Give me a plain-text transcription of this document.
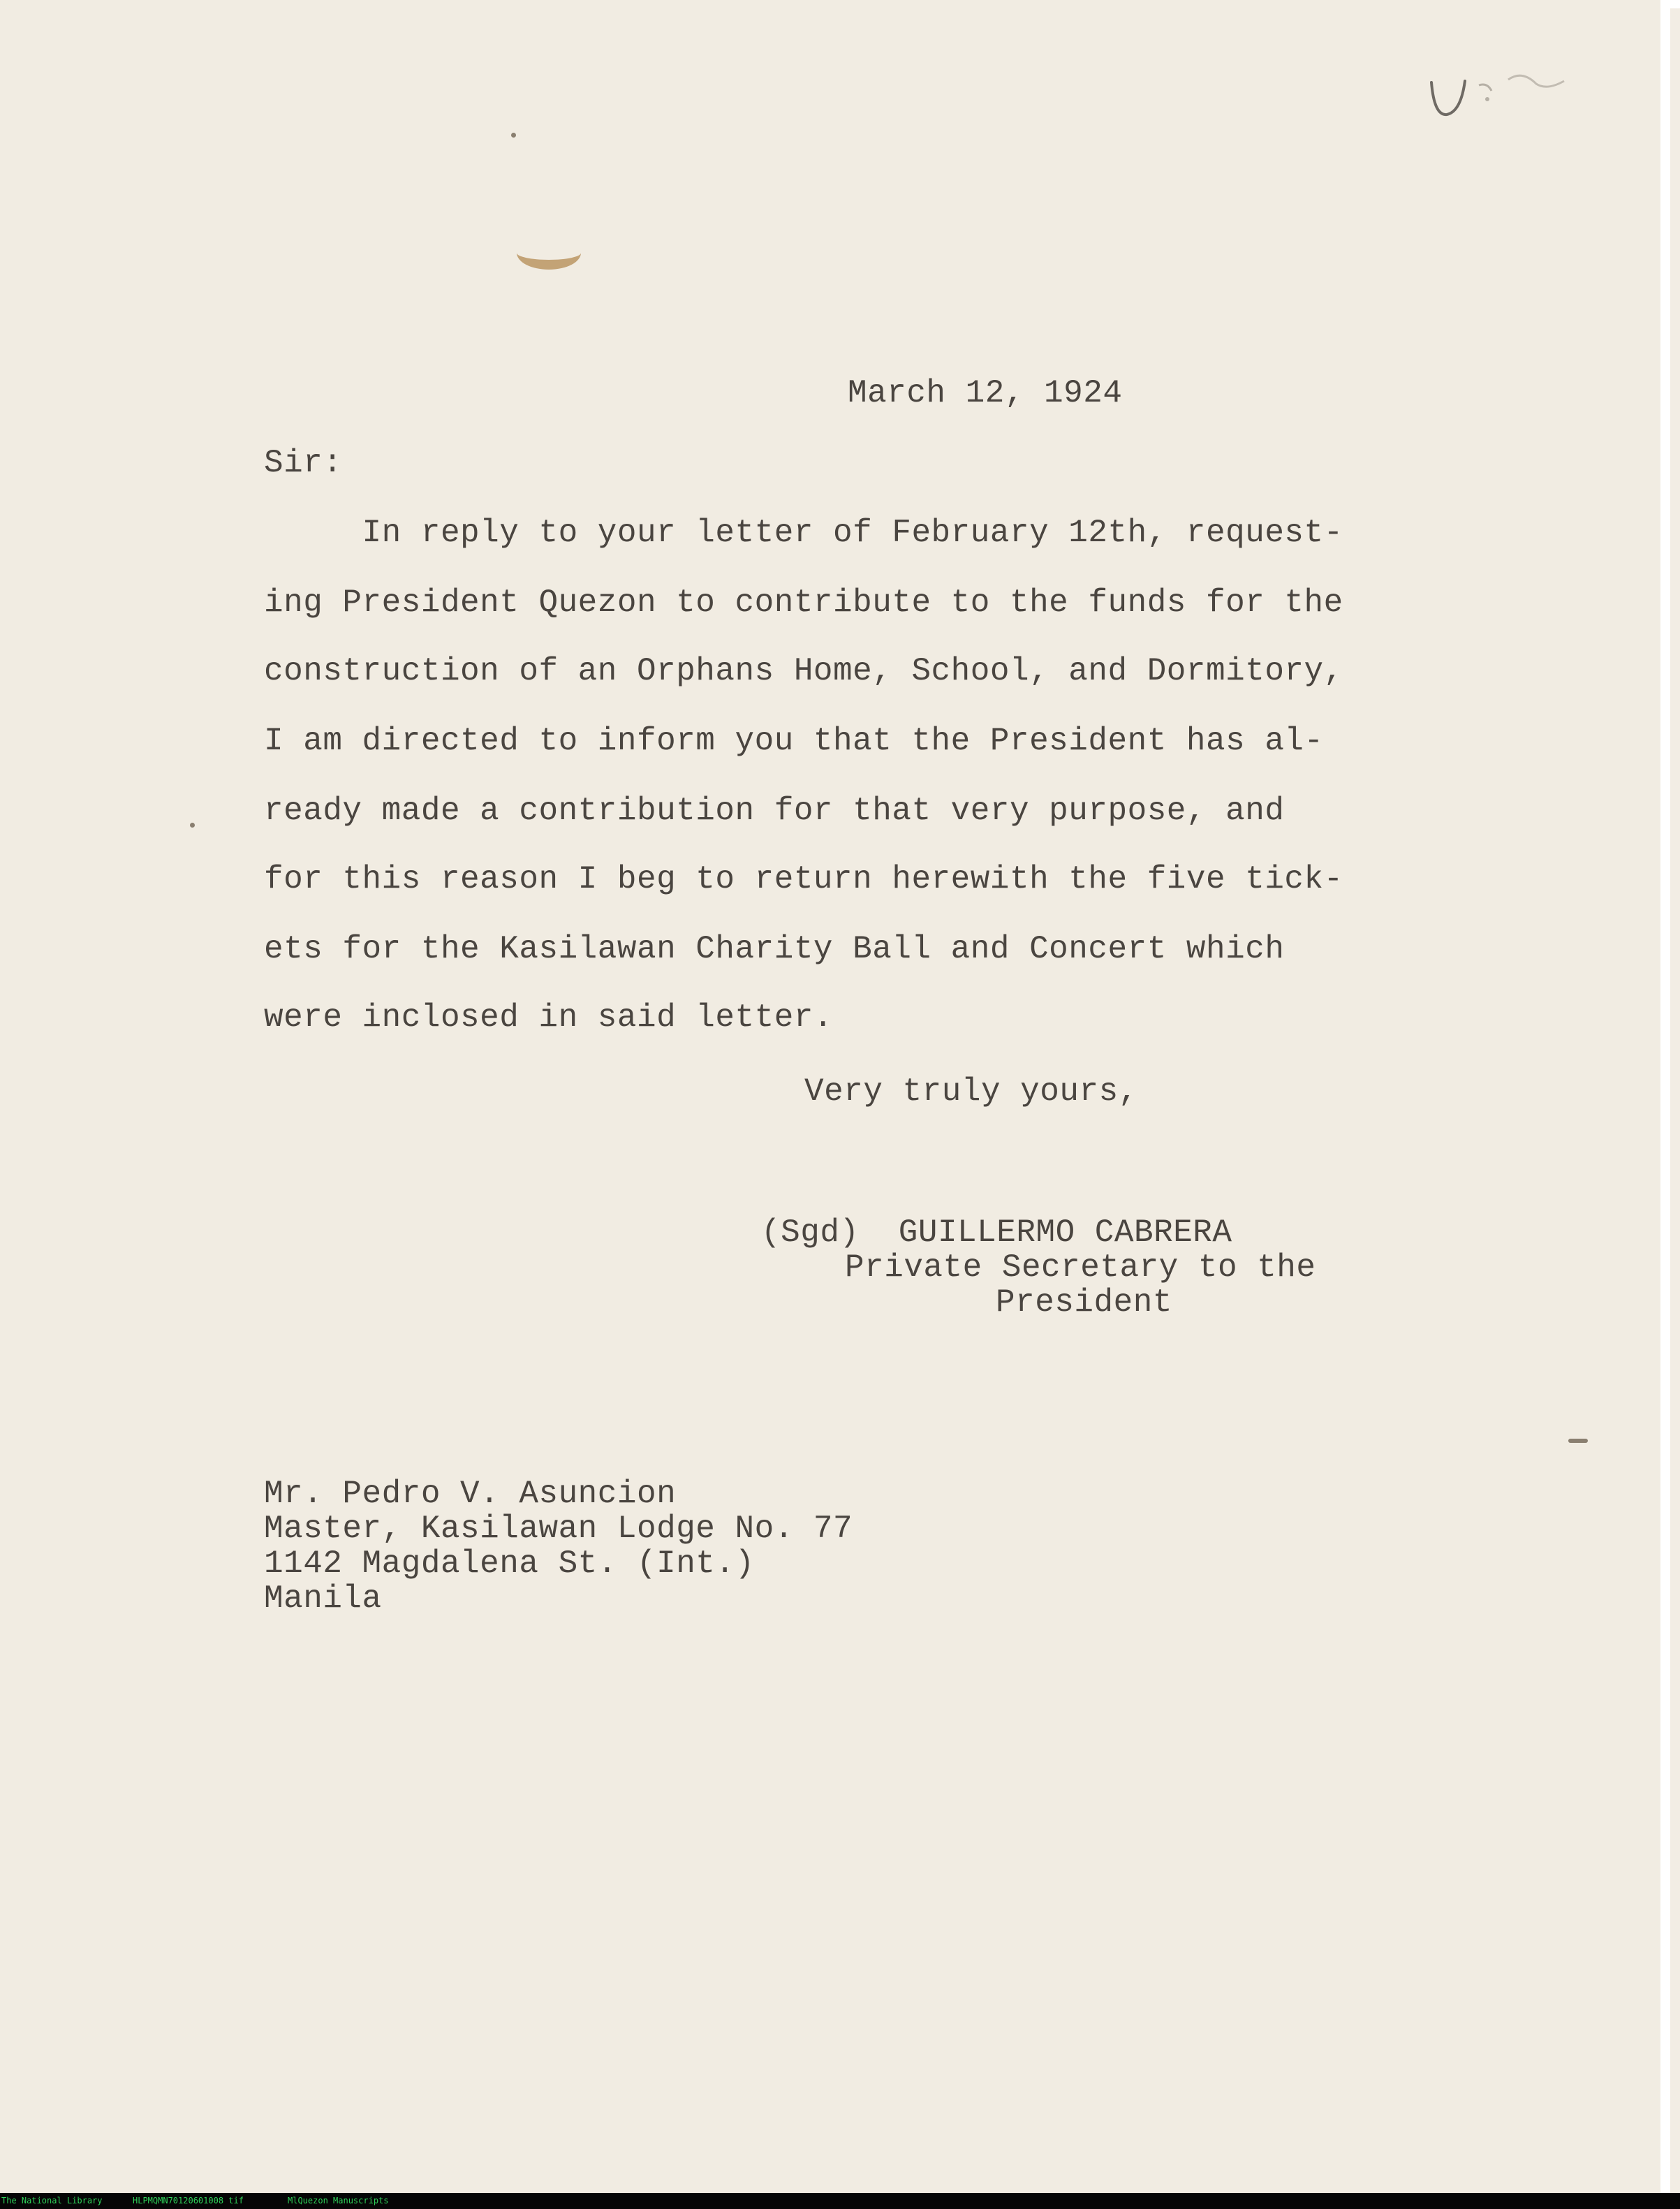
March 12, 1924
Sir:
In reply to your letter of February 12th, request-
ing President Quezon to contribute to the funds for the
construction of an Orphans Home, School, and Dormitory,
I am directed to inform you that the President has al-
ready made a contribution for that very purpose, and
for this reason I beg to return herewith the five tick-
ets for the Kasilawan Charity Ball and Concert which
were inclosed in said letter.
Very truly yours,
(Sgd)  GUILLERMO CABRERA
Private Secretary to the
President
Mr. Pedro V. Asuncion
Master, Kasilawan Lodge No. 77
1142 Magdalena St. (Int.)
Manila

The National Library

	HLPMQMN70120601008 tif

	MlQuezon Manuscripts
